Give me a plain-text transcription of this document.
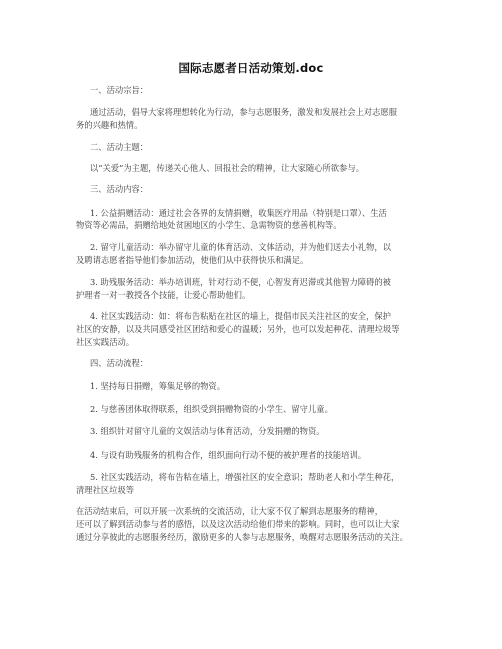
国际志愿者日活动策划.doc
一、活动宗旨：
通过活动，倡导大家将理想转化为行动，参与志愿服务，激发和发展社会上对志愿服
务的兴趣和热情。
二、活动主题：
以“关爱”为主题，传递关心他人、回报社会的精神，让大家随心所欲参与。
三、活动内容：
1. 公益捐赠活动：通过社会各界的友情捐赠，收集医疗用品（特别是口罩）、生活
物资等必需品，捐赠给地处贫困地区的小学生、急需物资的慈善机构等。
2. 留守儿童活动：举办留守儿童的体育活动、文体活动，并为他们送去小礼物，以
及聘请志愿者指导他们参加活动，使他们从中获得快乐和满足。
3. 助残服务活动：举办培训班，针对行动不便，心智发育迟滞或其他智力障碍的被
护理者一对一教授各个技能，让爱心帮助他们。
4. 社区实践活动：如：将布告粘贴在社区的墙上，提倡市民关注社区的安全，保护
社区的安静，以及共同感受社区团结和爱心的温暖；另外，也可以发起种花、清理垃圾等
社区实践活动。
四、活动流程：
1. 坚持每日捐赠，筹集足够的物资。
2. 与慈善团体取得联系，组织受到捐赠物资的小学生、留守儿童。
3. 组织针对留守儿童的文娱活动与体育活动，分发捐赠的物资。
4. 与设有助残服务的机构合作，组织面向行动不便的被护理者的技能培训。
5. 社区实践活动，将布告粘在墙上，增强社区的安全意识；帮助老人和小学生种花，
清理社区垃圾等
在活动结束后，可以开展一次系统的交流活动，让大家不仅了解到志愿服务的精神，
还可以了解到活动参与者的感悟，以及这次活动给他们带来的影响。同时，也可以让大家
通过分享彼此的志愿服务经历，激励更多的人参与志愿服务，唤醒对志愿服务活动的关注。
